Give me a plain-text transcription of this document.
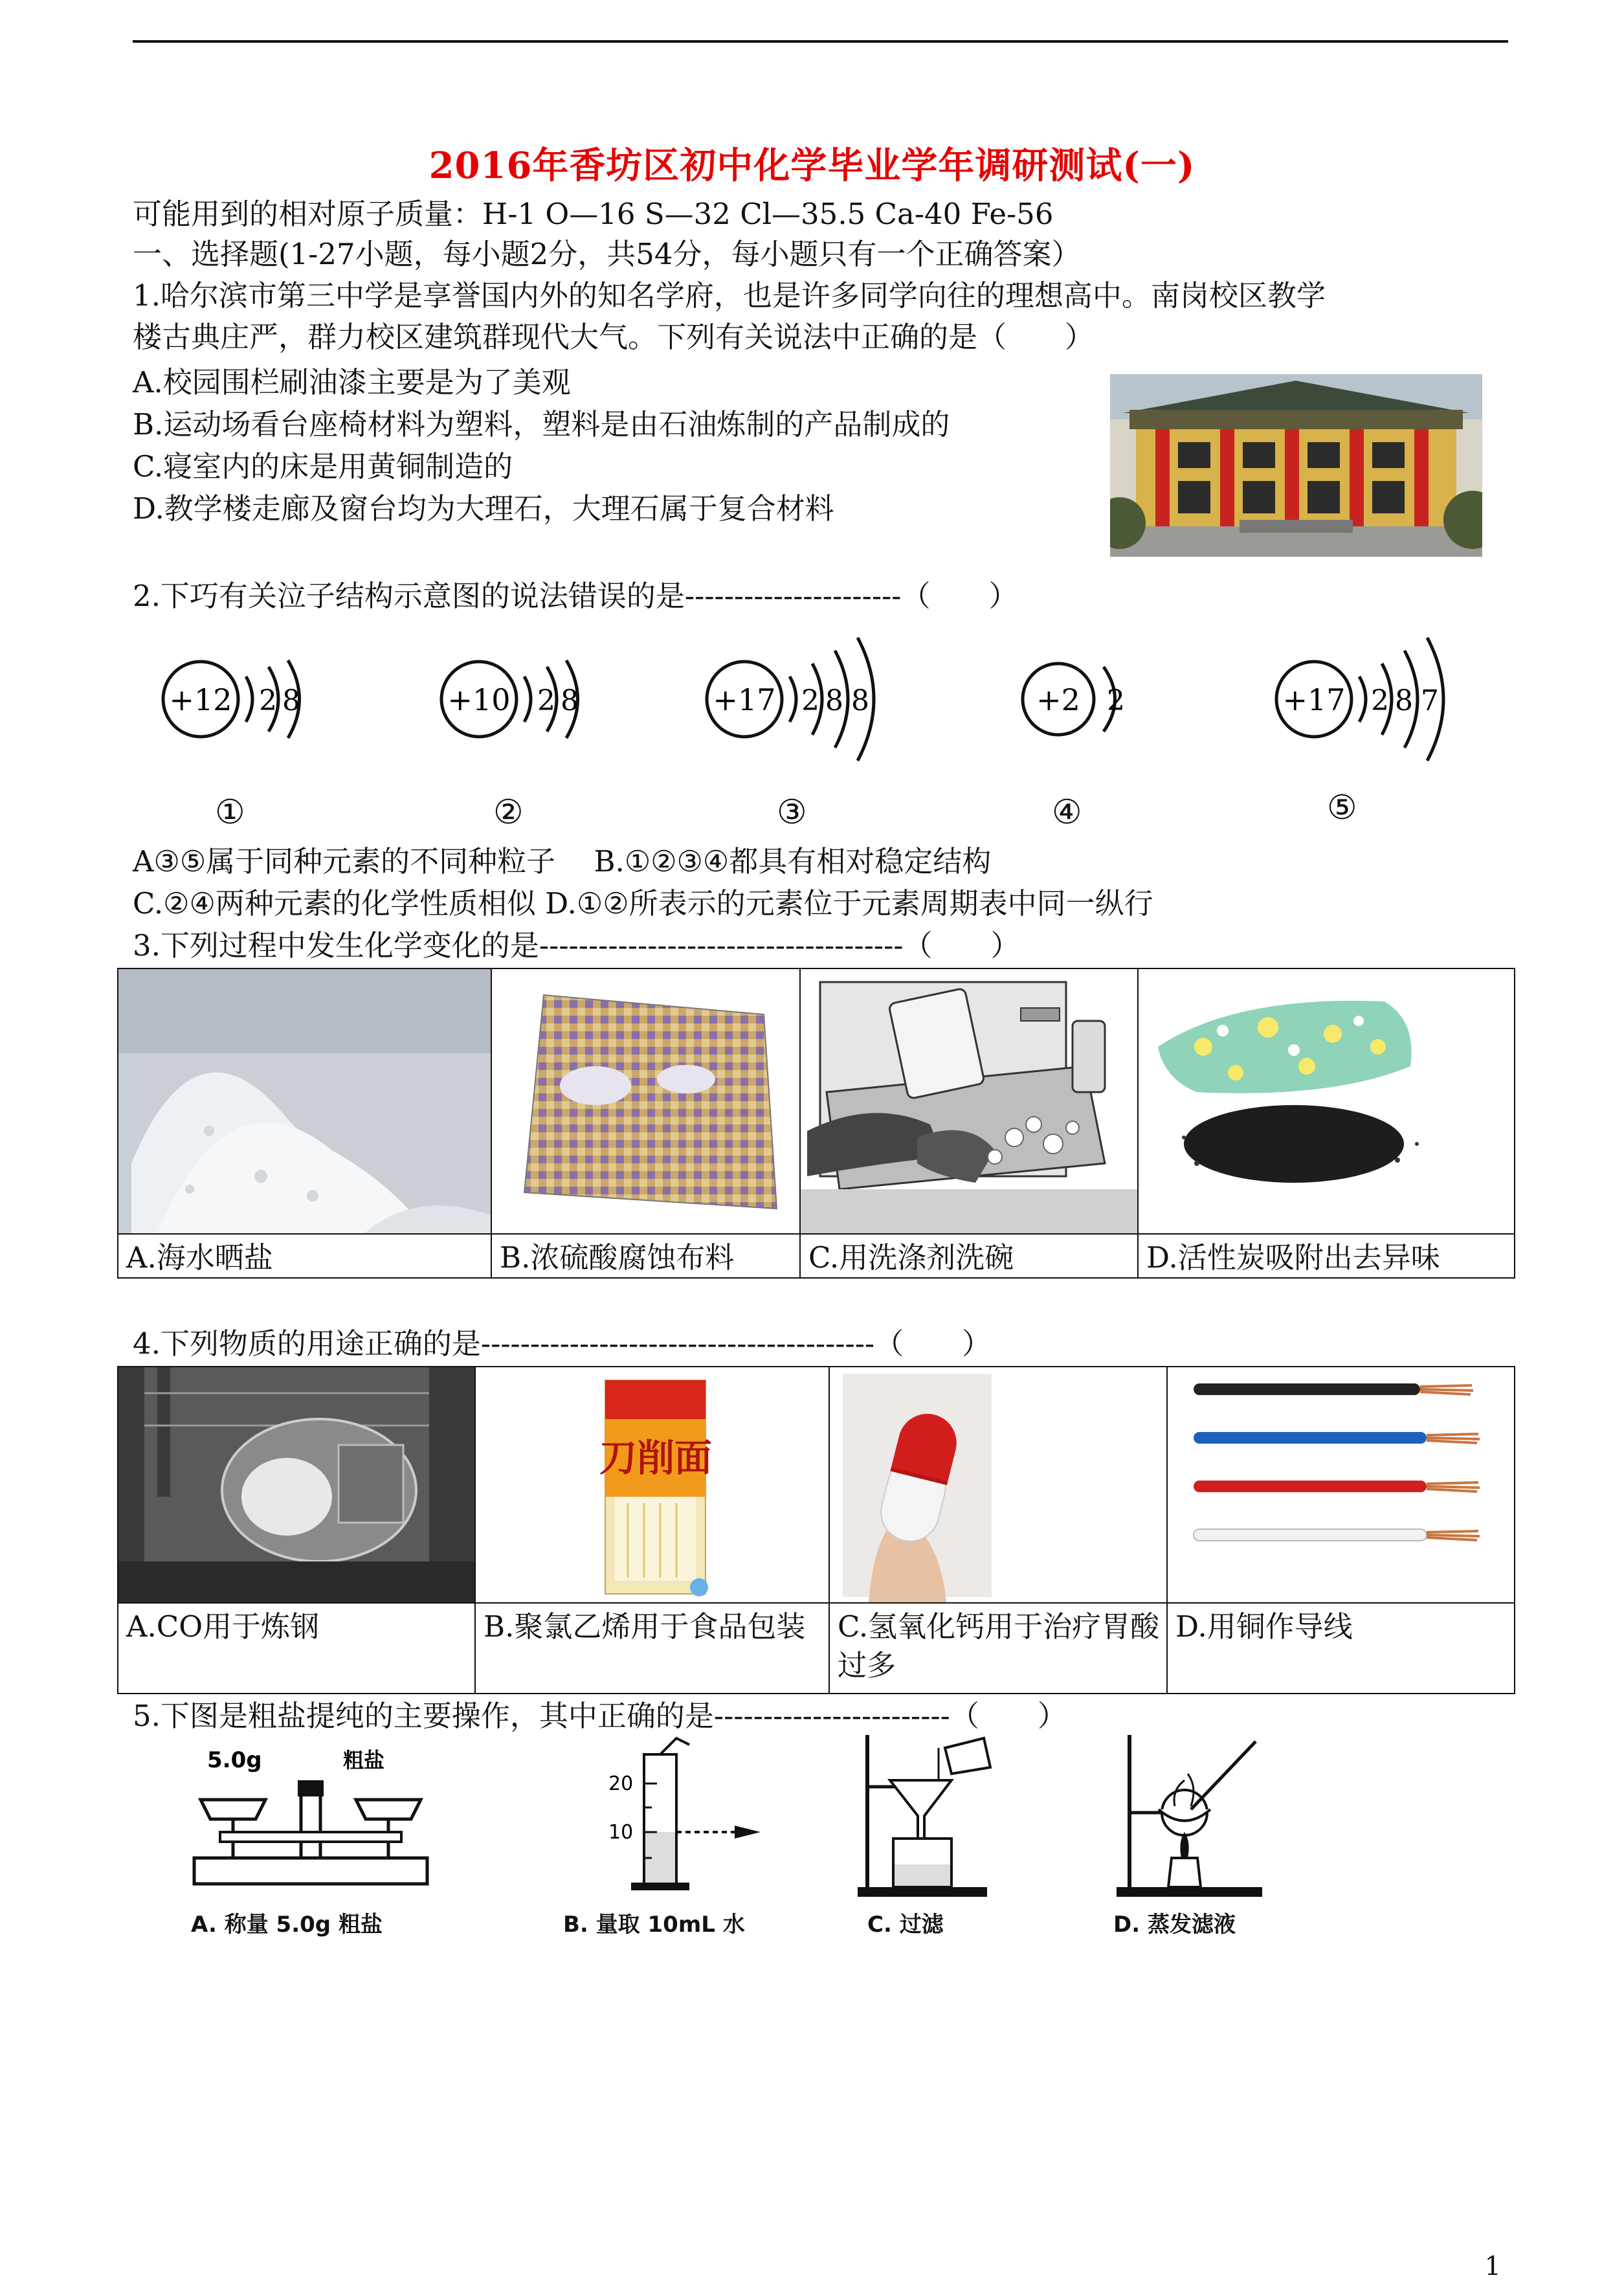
2016年香坊区初中化学毕业学年调研测试(一)
可能用到的相对原子质量：H-1 O—16 S—32 Cl—35.5 Ca-40 Fe-56
一、选择题(1-27小题，每小题2分，共54分，每小题只有一个正确答案）
1.哈尔滨市第三中学是享誉国内外的知名学府，也是许多同学向往的理想高中。南岗校区教学
楼古典庄严，群力校区建筑群现代大气。下列有关说法中正确的是（　　）
A.校园围栏刷油漆主要是为了美观
B.运动场看台座椅材料为塑料，塑料是由石油炼制的产品制成的
C.寝室内的床是用黄铜制造的
D.教学楼走廊及窗台均为大理石，大理石属于复合材料
2.下巧有关泣子结构示意图的说法错误的是----------------------（　　）
+12 2 8	+10 2 8	+17 2 8 8	+2 2	+17 2 8 7
①	②	③	④	⑤
A③⑤属于同种元素的不同种粒子　 B.①②③④都具有相对稳定结构
C.②④两种元素的化学性质相似 D.①②所表示的元素位于元素周期表中同一纵行
3.下列过程中发生化学变化的是-------------------------------------（　　）

A.海水晒盐	B.浓硫酸腐蚀布料	C.用洗涤剂洗碗	D.活性炭吸附出去异味
4.下列物质的用途正确的是----------------------------------------（　　）

刀削面

A.CO用于炼钢	B.聚氯乙烯用于食品包装	C.氢氧化钙用于治疗胃酸过多	D.用铜作导线
5.下图是粗盐提纯的主要操作，其中正确的是------------------------（　　）
5.0g	粗盐
20
10
A. 称量 5.0g 粗盐	B. 量取 10mL 水	C. 过滤	D. 蒸发滤液
1
